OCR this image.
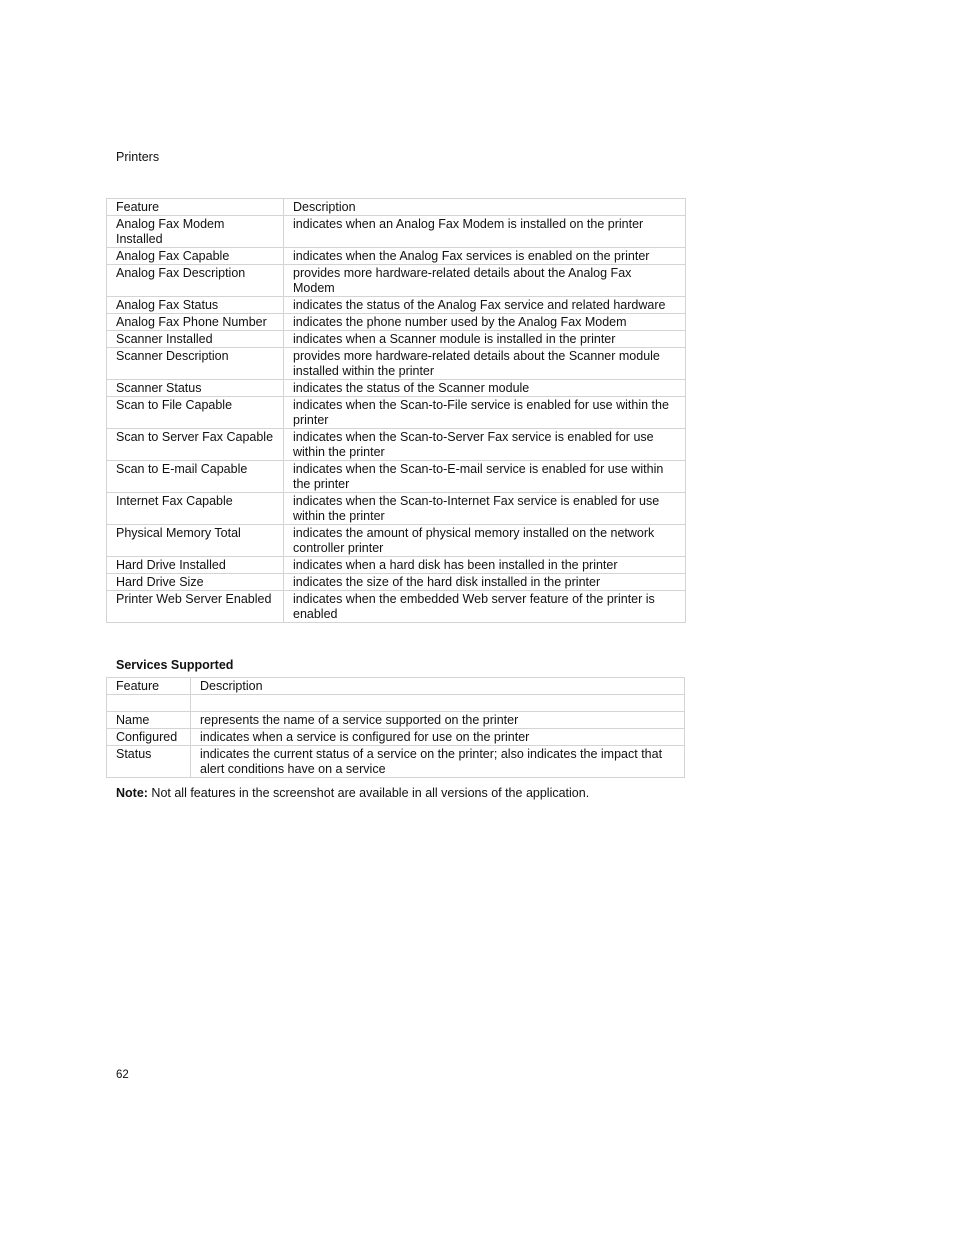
Printers
Feature	Description
Analog Fax Modem Installed	indicates when an Analog Fax Modem is installed on the printer
Analog Fax Capable	indicates when the Analog Fax services is enabled on the printer
Analog Fax Description	provides more hardware-related details about the Analog Fax Modem
Analog Fax Status	indicates the status of the Analog Fax service and related hardware
Analog Fax Phone Number	indicates the phone number used by the Analog Fax Modem
Scanner Installed	indicates when a Scanner module is installed in the printer
Scanner Description	provides more hardware-related details about the Scanner module installed within the printer
Scanner Status	indicates the status of the Scanner module
Scan to File Capable	indicates when the Scan-to-File service is enabled for use within the printer
Scan to Server Fax Capable	indicates when the Scan-to-Server Fax service is enabled for use within the printer
Scan to E-mail Capable	indicates when the Scan-to-E-mail service is enabled for use within the printer
Internet Fax Capable	indicates when the Scan-to-Internet Fax service is enabled for use within the printer
Physical Memory Total	indicates the amount of physical memory installed on the network controller printer
Hard Drive Installed	indicates when a hard disk has been installed in the printer
Hard Drive Size	indicates the size of the hard disk installed in the printer
Printer Web Server Enabled	indicates when the embedded Web server feature of the printer is enabled
Services Supported
Feature	Description

Name	represents the name of a service supported on the printer
Configured	indicates when a service is configured for use on the printer
Status	indicates the current status of a service on the printer; also indicates the impact that alert conditions have on a service
Note: Not all features in the screenshot are available in all versions of the application.
62
